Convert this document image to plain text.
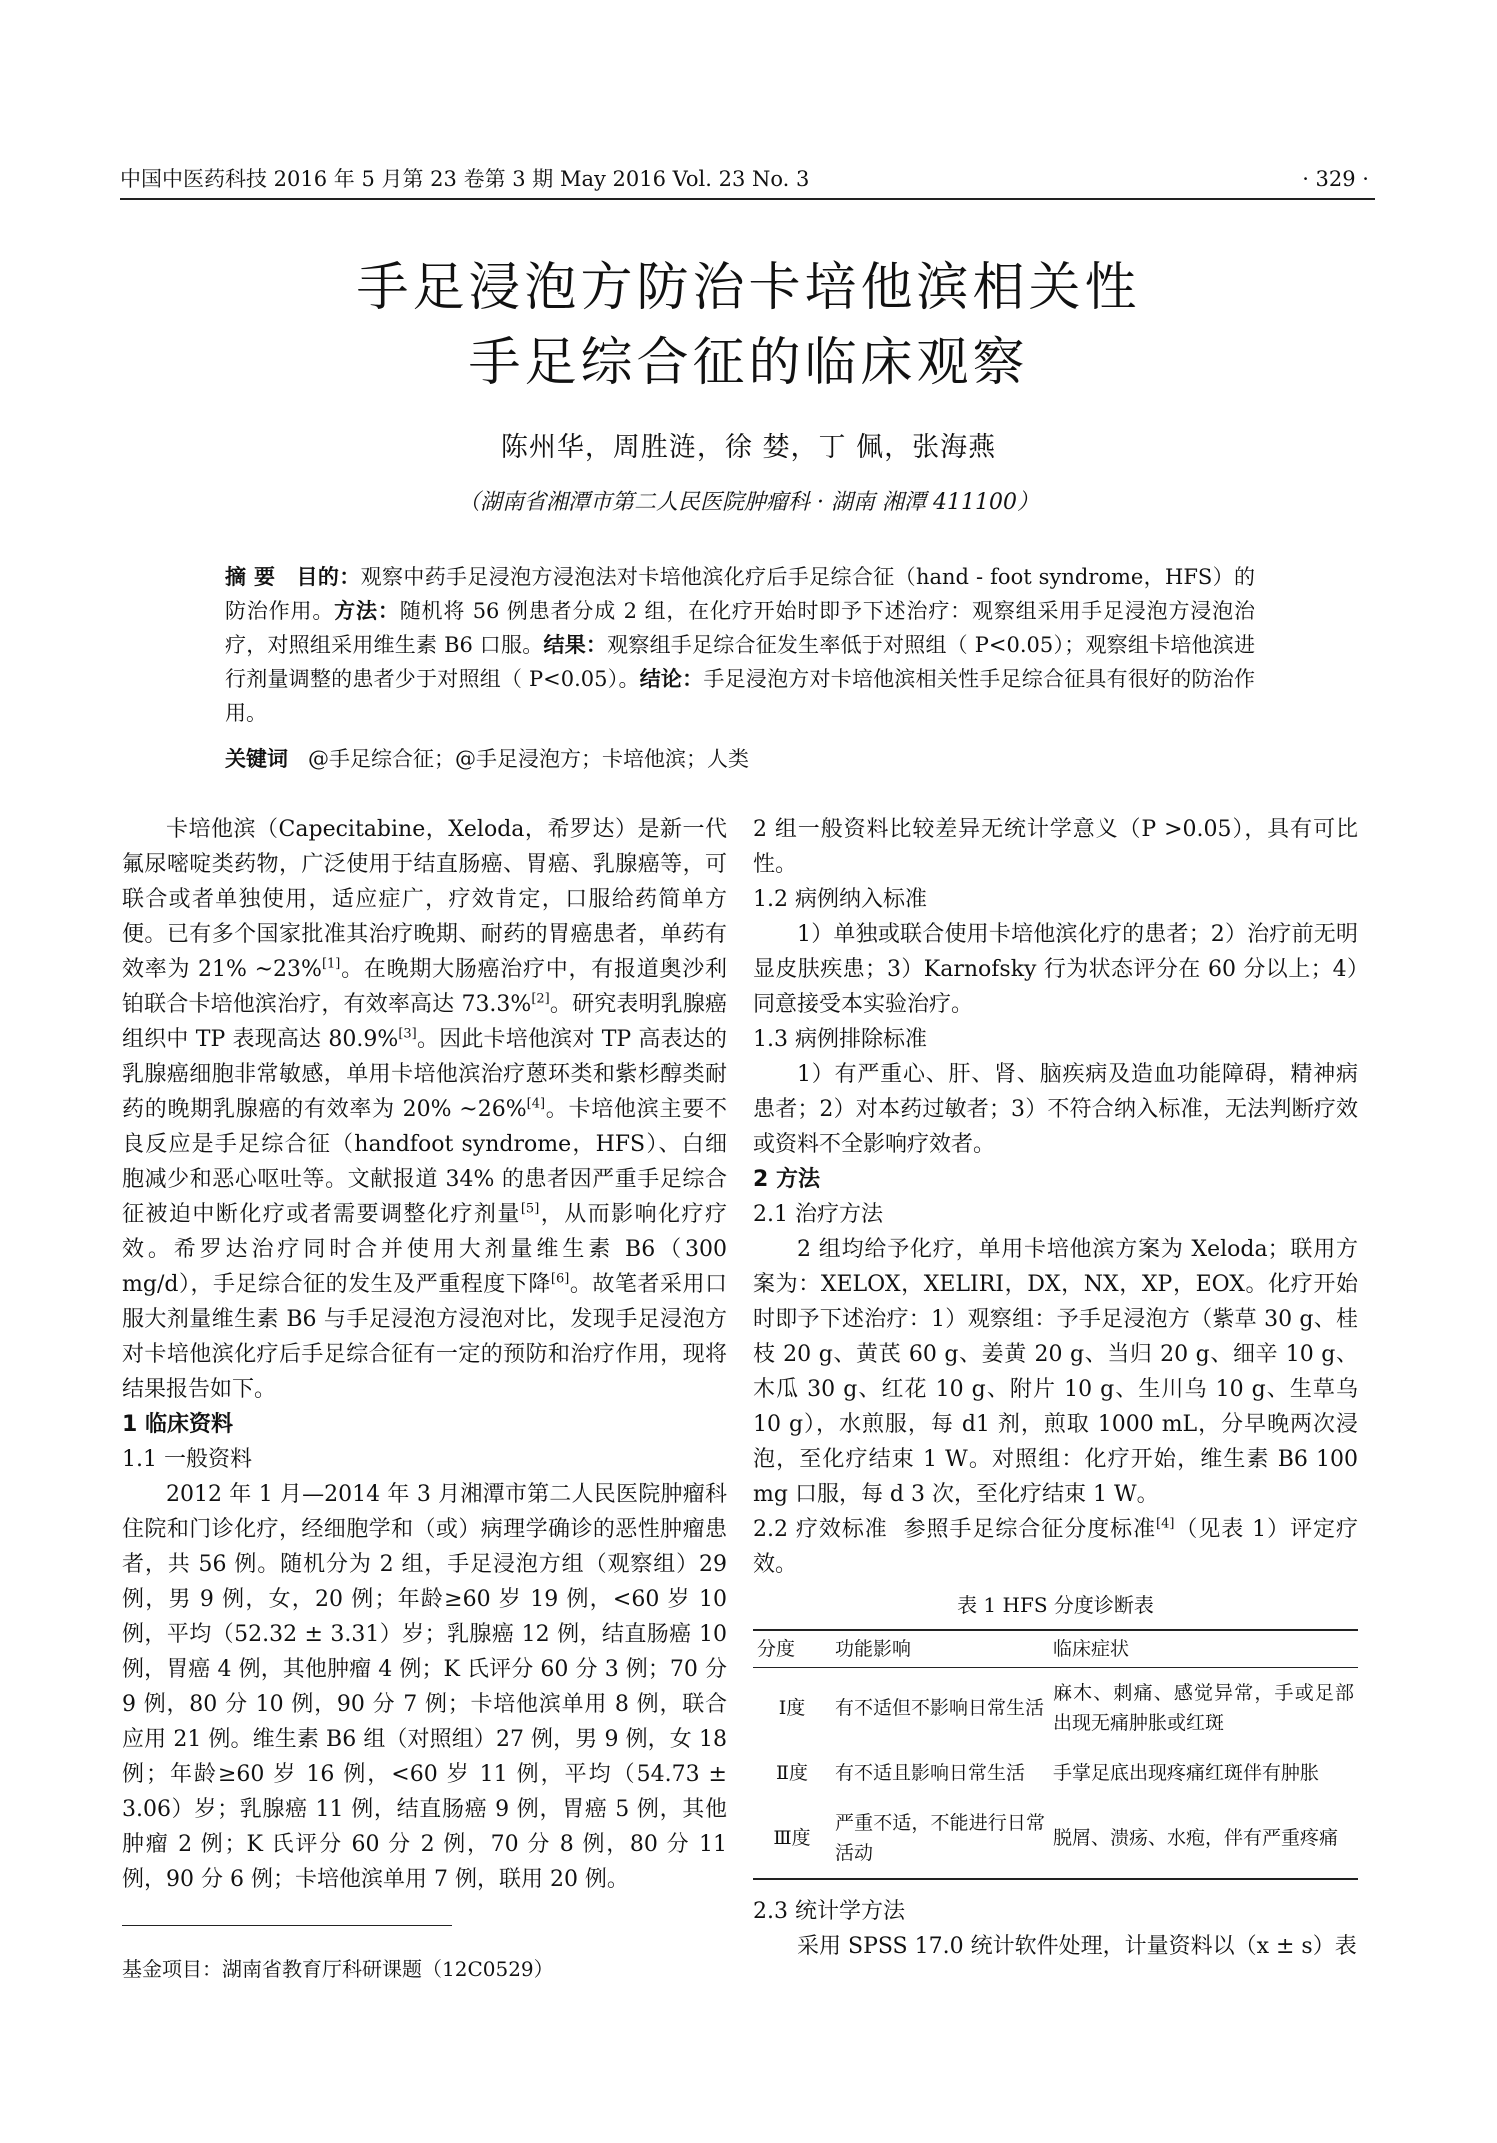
中国中医药科技 2016 年 5 月第 23 卷第 3 期 May 2016 Vol. 23 No. 3	· 329 ·
手足浸泡方防治卡培他滨相关性
手足综合征的临床观察
陈州华，周胜涟，徐 婪，丁 佩，张海燕
（湖南省湘潭市第二人民医院肿瘤科 · 湖南 湘潭 411100）
摘 要 目的：观察中药手足浸泡方浸泡法对卡培他滨化疗后手足综合征（hand - foot syndrome，HFS）的防治作用。方法：随机将 56 例患者分成 2 组，在化疗开始时即予下述治疗：观察组采用手足浸泡方浸泡治疗，对照组采用维生素 B6 口服。结果：观察组手足综合征发生率低于对照组（ P<0.05）；观察组卡培他滨进行剂量调整的患者少于对照组（ P<0.05）。结论：手足浸泡方对卡培他滨相关性手足综合征具有很好的防治作用。
关键词 @手足综合征；@手足浸泡方；卡培他滨；人类

卡培他滨（Capecitabine，Xeloda，希罗达）是新一代氟尿嘧啶类药物，广泛使用于结直肠癌、胃癌、乳腺癌等，可联合或者单独使用，适应症广，疗效肯定，口服给药简单方便。已有多个国家批准其治疗晚期、耐药的胃癌患者，单药有效率为 21% ~23%[1]。在晚期大肠癌治疗中，有报道奥沙利铂联合卡培他滨治疗，有效率高达 73.3%[2]。研究表明乳腺癌组织中 TP 表现高达 80.9%[3]。因此卡培他滨对 TP 高表达的乳腺癌细胞非常敏感，单用卡培他滨治疗蒽环类和紫杉醇类耐药的晚期乳腺癌的有效率为 20% ~26%[4]。卡培他滨主要不良反应是手足综合征（handfoot syndrome，HFS）、白细胞减少和恶心呕吐等。文献报道 34% 的患者因严重手足综合征被迫中断化疗或者需要调整化疗剂量[5]，从而影响化疗疗效。希罗达治疗同时合并使用大剂量维生素 B6（300 mg/d），手足综合征的发生及严重程度下降[6]。故笔者采用口服大剂量维生素 B6 与手足浸泡方浸泡对比，发现手足浸泡方对卡培他滨化疗后手足综合征有一定的预防和治疗作用，现将结果报告如下。

1 临床资料

1.1 一般资料

2012 年 1 月—2014 年 3 月湘潭市第二人民医院肿瘤科住院和门诊化疗，经细胞学和（或）病理学确诊的恶性肿瘤患者，共 56 例。随机分为 2 组，手足浸泡方组（观察组）29 例，男 9 例，女，20 例；年龄≥60 岁 19 例，<60 岁 10 例，平均（52.32 ± 3.31）岁；乳腺癌 12 例，结直肠癌 10 例，胃癌 4 例，其他肿瘤 4 例；K 氏评分 60 分 3 例；70 分 9 例，80 分 10 例，90 分 7 例；卡培他滨单用 8 例，联合应用 21 例。维生素 B6 组（对照组）27 例，男 9 例，女 18 例；年龄≥60 岁 16 例，<60 岁 11 例，平均（54.73 ± 3.06）岁；乳腺癌 11 例，结直肠癌 9 例，胃癌 5 例，其他肿瘤 2 例；K 氏评分 60 分 2 例，70 分 8 例，80 分 11 例，90 分 6 例；卡培他滨单用 7 例，联用 20 例。

2 组一般资料比较差异无统计学意义（P >0.05），具有可比性。

1.2 病例纳入标准

1）单独或联合使用卡培他滨化疗的患者；2）治疗前无明显皮肤疾患；3）Karnofsky 行为状态评分在 60 分以上；4）同意接受本实验治疗。

1.3 病例排除标准

1）有严重心、肝、肾、脑疾病及造血功能障碍，精神病患者；2）对本药过敏者；3）不符合纳入标准，无法判断疗效或资料不全影响疗效者。

2 方法

2.1 治疗方法

2 组均给予化疗，单用卡培他滨方案为 Xeloda；联用方案为：XELOX，XELIRI，DX，NX，XP，EOX。化疗开始时即予下述治疗：1）观察组：予手足浸泡方（紫草 30 g、桂枝 20 g、黄芪 60 g、姜黄 20 g、当归 20 g、细辛 10 g、木瓜 30 g、红花 10 g、附片 10 g、生川乌 10 g、生草乌 10 g），水煎服，每 d1 剂，煎取 1000 mL，分早晚两次浸泡，至化疗结束 1 W。对照组：化疗开始，维生素 B6 100 mg 口服，每 d 3 次，至化疗结束 1 W。

2.2 疗效标准 参照手足综合征分度标准[4]（见表 1）评定疗效。

表 1 HFS 分度诊断表
分度	功能影响	临床症状
Ⅰ度	有不适但不影响日常生活	麻木、刺痛、感觉异常，手或足部出现无痛肿胀或红斑
Ⅱ度	有不适且影响日常生活	手掌足底出现疼痛红斑伴有肿胀
Ⅲ度	严重不适，不能进行日常活动	脱屑、溃疡、水疱，伴有严重疼痛

2.3 统计学方法

采用 SPSS 17.0 统计软件处理，计量资料以（x ± s）表

基金项目：湖南省教育厅科研课题（12C0529）
